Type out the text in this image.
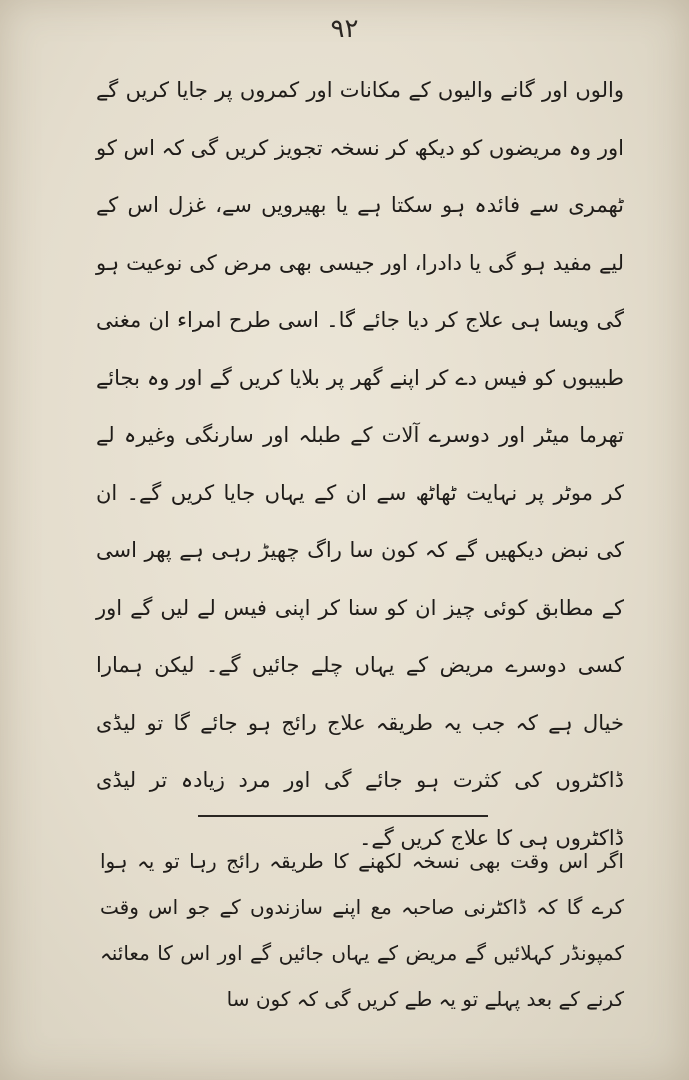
۹۲

والوں اور گانے والیوں کے مکانات اور کمروں پر جایا کریں گے اور وہ مریضوں کو دیکھ کر نسخہ تجویز کریں گی کہ اس کو ٹھمری سے فائدہ ہو سکتا ہے یا بھیرویں سے، غزل اس کے لیے مفید ہو گی یا دادرا، اور جیسی بھی مرض کی نوعیت ہو گی ویسا ہی علاج کر دیا جائے گا۔ اسی طرح امراء ان مغنی طبیبوں کو فیس دے کر اپنے گھر پر بلایا کریں گے اور وہ بجائے تھرما میٹر اور دوسرے آلات کے طبلہ اور سارنگی وغیرہ لے کر موٹر پر نہایت ٹھاٹھ سے ان کے یہاں جایا کریں گے۔ ان کی نبض دیکھیں گے کہ کون سا راگ چھیڑ رہی ہے پھر اسی کے مطابق کوئی چیز ان کو سنا کر اپنی فیس لے لیں گے اور کسی دوسرے مریض کے یہاں چلے جائیں گے۔ لیکن ہمارا خیال ہے کہ جب یہ طریقہ علاج رائج ہو جائے گا تو لیڈی ڈاکٹروں کی کثرت ہو جائے گی اور مرد زیادہ تر لیڈی ڈاکٹروں ہی کا علاج کریں گے۔

اگر اس وقت بھی نسخہ لکھنے کا طریقہ رائج رہا تو یہ ہوا کرے گا کہ ڈاکٹرنی صاحبہ مع اپنے سازندوں کے جو اس وقت کمپونڈر کہلائیں گے مریض کے یہاں جائیں گے اور اس کا معائنہ کرنے کے بعد پہلے تو یہ طے کریں گی کہ کون سا
